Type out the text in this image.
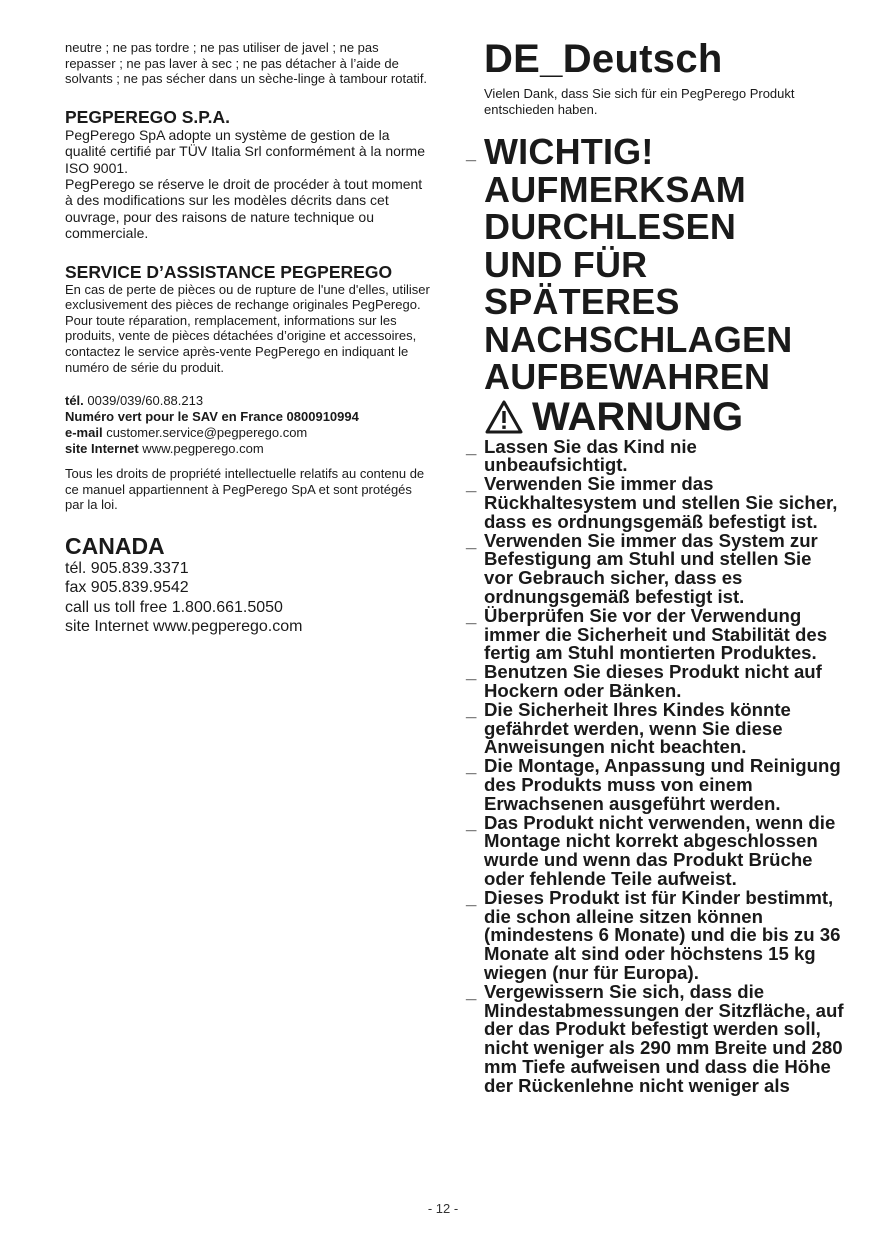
neutre ; ne pas tordre ; ne pas utiliser de javel ; ne pas repasser ; ne pas laver à sec ; ne pas détacher à l’aide de solvants ; ne pas sécher dans un sèche-linge à tambour rotatif.

PEGPEREGO S.P.A.

PegPerego SpA adopte un système de gestion de la qualité certifié par TÜV Italia Srl conformément à la norme ISO 9001.

PegPerego se réserve le droit de procéder à tout moment à des modifications sur les modèles décrits dans cet ouvrage, pour des raisons de nature technique ou commerciale.

SERVICE D’ASSISTANCE PEGPEREGO

En cas de perte de pièces ou de rupture de l'une d'elles, utiliser exclusivement des pièces de rechange originales PegPerego. Pour toute réparation, remplacement, informations sur les produits, vente de pièces détachées d’origine et accessoires, contactez le service après-vente PegPerego en indiquant le numéro de série du produit.

tél. 0039/039/60.88.213

Numéro vert pour le SAV en France 0800910994

e-mail customer.service@pegperego.com

site Internet www.pegperego.com

Tous les droits de propriété intellectuelle relatifs au contenu de ce manuel appartiennent à PegPerego SpA et sont protégés par la loi.

CANADA

tél. 905.839.3371

fax 905.839.9542

call us toll free 1.800.661.5050

site Internet www.pegperego.com

DE_Deutsch

Vielen Dank, dass Sie sich für ein PegPerego Produkt entschieden haben.

_ WICHTIG!

AUFMERKSAM

DURCHLESEN

UND FÜR

SPÄTERES

NACHSCHLAGEN

AUFBEWAHREN

WARNUNG
_ Lassen Sie das Kind nie unbeaufsichtigt.
_ Verwenden Sie immer das Rückhaltesystem und stellen Sie sicher, dass es ordnungsgemäß befestigt ist.
_ Verwenden Sie immer das System zur Befestigung am Stuhl und stellen Sie vor Gebrauch sicher, dass es ordnungsgemäß befestigt ist.
_ Überprüfen Sie vor der Verwendung immer die Sicherheit und Stabilität des fertig am Stuhl montierten Produktes.
_ Benutzen Sie dieses Produkt nicht auf Hockern oder Bänken.
_ Die Sicherheit Ihres Kindes könnte gefährdet werden, wenn Sie diese Anweisungen nicht beachten.
_ Die Montage, Anpassung und Reinigung des Produkts muss von einem Erwachsenen ausgeführt werden.
_ Das Produkt nicht verwenden, wenn die Montage nicht korrekt abgeschlossen wurde und wenn das Produkt Brüche oder fehlende Teile aufweist.
_ Dieses Produkt ist für Kinder bestimmt, die schon alleine sitzen können (mindestens 6 Monate) und die bis zu 36 Monate alt sind oder höchstens 15 kg wiegen (nur für Europa).
_ Vergewissern Sie sich, dass die Mindestabmessungen der Sitzfläche, auf der das Produkt befestigt werden soll, nicht weniger als 290 mm Breite und 280 mm Tiefe aufweisen und dass die Höhe der Rückenlehne nicht weniger als
- 12 -
